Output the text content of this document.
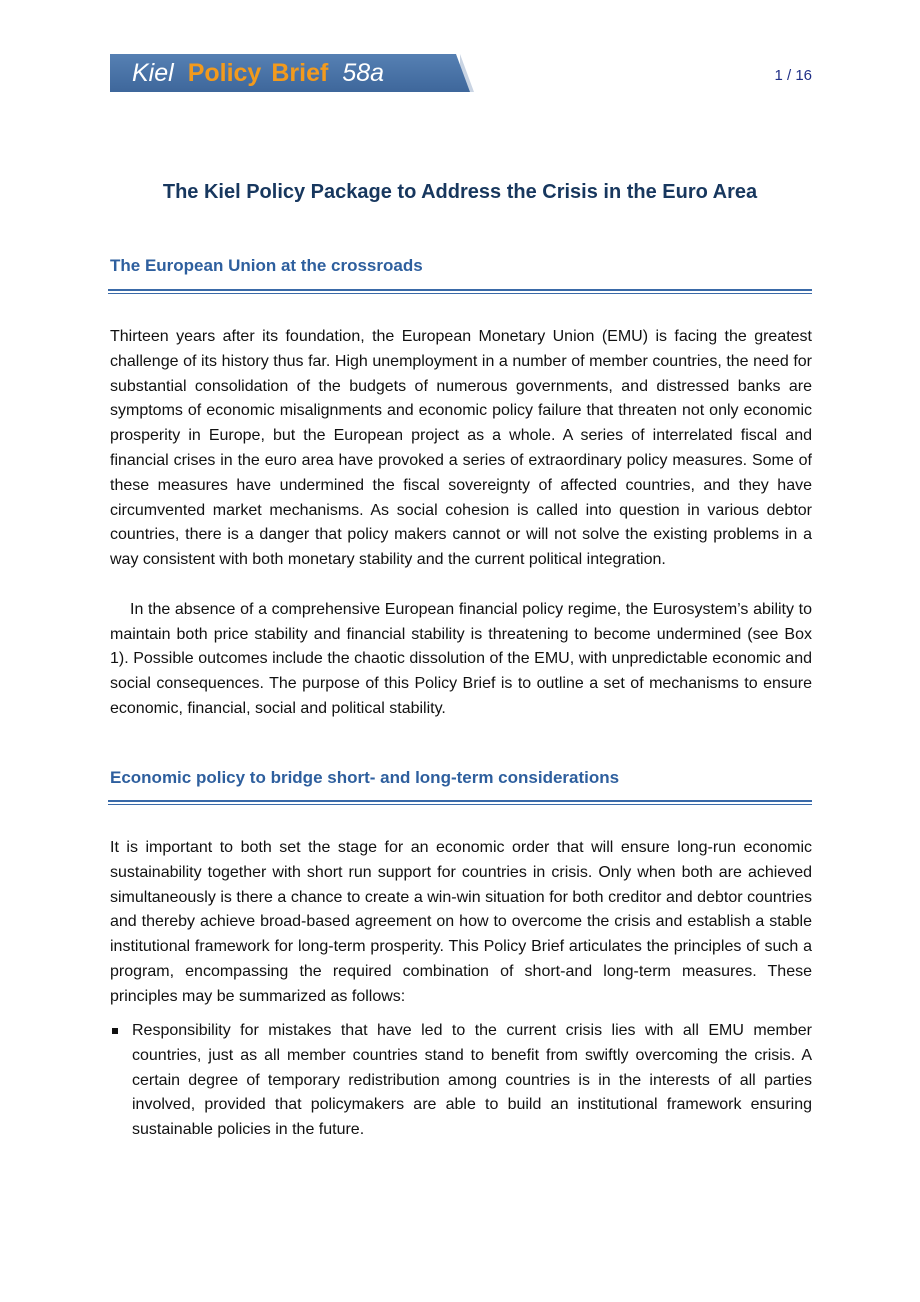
Kiel Policy Brief 58a	1 / 16
The Kiel Policy Package to Address the Crisis in the Euro Area
The European Union at the crossroads

Thirteen years after its foundation, the European Monetary Union (EMU) is facing the greatest challenge of its history thus far. High unemployment in a number of member countries, the need for substantial consolidation of the budgets of numerous governments, and distressed banks are symptoms of economic misalignments and economic policy failure that threaten not only economic prosperity in Europe, but the European project as a whole. A series of interrelated fiscal and financial crises in the euro area have provoked a series of extraordinary policy measures. Some of these measures have undermined the fiscal sovereignty of affected countries, and they have circumvented market mechanisms. As social cohesion is called into question in various debtor countries, there is a danger that policy makers cannot or will not solve the existing problems in a way consistent with both monetary stability and the current political integration.

In the absence of a comprehensive European financial policy regime, the Eurosystem’s ability to maintain both price stability and financial stability is threatening to become undermined (see Box 1). Possible outcomes include the chaotic dissolution of the EMU, with unpredictable economic and social consequences. The purpose of this Policy Brief is to outline a set of mechanisms to ensure economic, financial, social and political stability.

Economic policy to bridge short- and long-term considerations

It is important to both set the stage for an economic order that will ensure long-run economic sustainability together with short run support for countries in crisis. Only when both are achieved simultaneously is there a chance to create a win-win situation for both creditor and debtor countries and thereby achieve broad-based agreement on how to overcome the crisis and establish a stable institutional framework for long-term prosperity. This Policy Brief articulates the principles of such a program, encompassing the required combination of short-and long-term measures. These principles may be summarized as follows:

Responsibility for mistakes that have led to the current crisis lies with all EMU member countries, just as all member countries stand to benefit from swiftly overcoming the crisis. A certain degree of temporary redistribution among countries is in the interests of all parties involved, provided that policymakers are able to build an institutional framework ensuring sustainable policies in the future.
